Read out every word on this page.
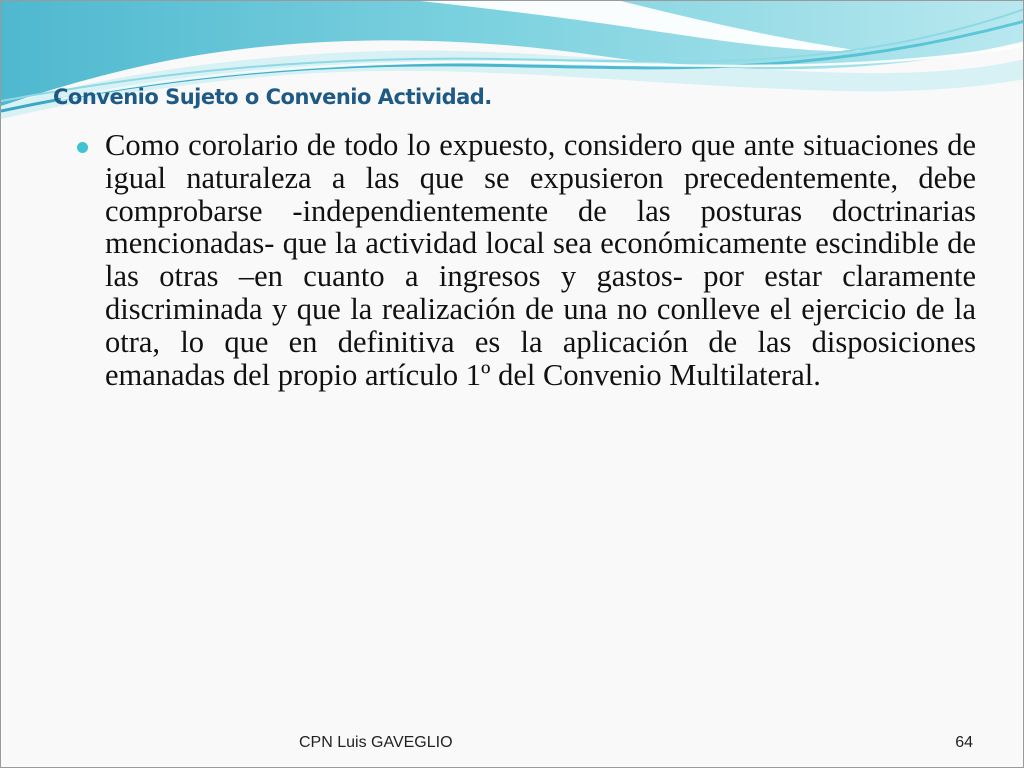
Convenio Sujeto o Convenio Actividad.

Como corolario de todo lo expuesto, considero que ante situaciones de igual naturaleza a las que se expusieron precedentemente, debe comprobarse -independientemente de las posturas doctrinarias mencionadas- que la actividad local sea económicamente escindible de las otras –en cuanto a ingresos y gastos- por estar claramente discriminada y que la realización de una no conlleve el ejercicio de la otra, lo que en definitiva es la aplicación de las disposiciones emanadas del propio artículo 1º del Convenio Multilateral.

CPN Luis GAVEGLIO	64
